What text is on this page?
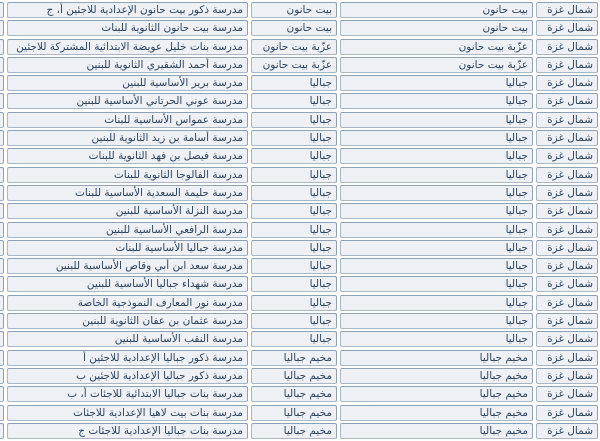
شمال غزة
بيت حانون
بيت حانون
مدرسة ذكور بيت حانون الإعدادية للاجئين أ، ج
شمال غزة
بيت حانون
بيت حانون
مدرسة بيت حانون الثانوية للبنات
شمال غزة
عزّبة بيت حانون
عزّبة بيت حانون
مدرسة بنات خليل عويضة الابتدائية المشتركة للاجئين
شمال غزة
عزّبة بيت حانون
عزّبة بيت حانون
مدرسة أحمد الشقيري الثانوية للبنين
شمال غزة
جباليا
جباليا
مدرسة برير الأساسية للبنين
شمال غزة
جباليا
جباليا
مدرسة عوني الحرتاني الأساسية للبنين
شمال غزة
جباليا
جباليا
مدرسة عمواس الأساسية للبنات
شمال غزة
جباليا
جباليا
مدرسة أسامة بن زيد الثانوية للبنين
شمال غزة
جباليا
جباليا
مدرسة فيصل بن فهد الثانوية للبنات
شمال غزة
جباليا
جباليا
مدرسة الفالوجا الثانوية للبنات
شمال غزة
جباليا
جباليا
مدرسة حليمة السعدية الأساسية للبنات
شمال غزة
جباليا
جباليا
مدرسة النزلة الأساسية للبنين
شمال غزة
جباليا
جباليا
مدرسة الرافعي الأساسية للبنين
شمال غزة
جباليا
جباليا
مدرسة جباليا الأساسية للبنات
شمال غزة
جباليا
جباليا
مدرسة سعد ابن أبي وقاص الأساسية للبنين
شمال غزة
جباليا
جباليا
مدرسة شهداء جباليا الأساسية للبنين
شمال غزة
جباليا
جباليا
مدرسة نور المعارف النموذجية الخاصة
شمال غزة
جباليا
جباليا
مدرسة عثمان بن عفان الثانوية للبنين
شمال غزة
جباليا
جباليا
مدرسة النقب الأساسية للبنين
شمال غزة
مخيم جباليا
مخيم جباليا
مدرسة ذكور جباليا الإعدادية للاجئين أ
شمال غزة
مخيم جباليا
مخيم جباليا
مدرسة ذكور جباليا الإعدادية للاجئين ب
شمال غزة
مخيم جباليا
مخيم جباليا
مدرسة بنات جباليا الابتدائية للاجئات أ، ب
شمال غزة
مخيم جباليا
مخيم جباليا
مدرسة بنات بيت لاهيا الإعدادية للاجئات
شمال غزة
مخيم جباليا
مخيم جباليا
مدرسة بنات جباليا الإعدادية للاجئات ج
